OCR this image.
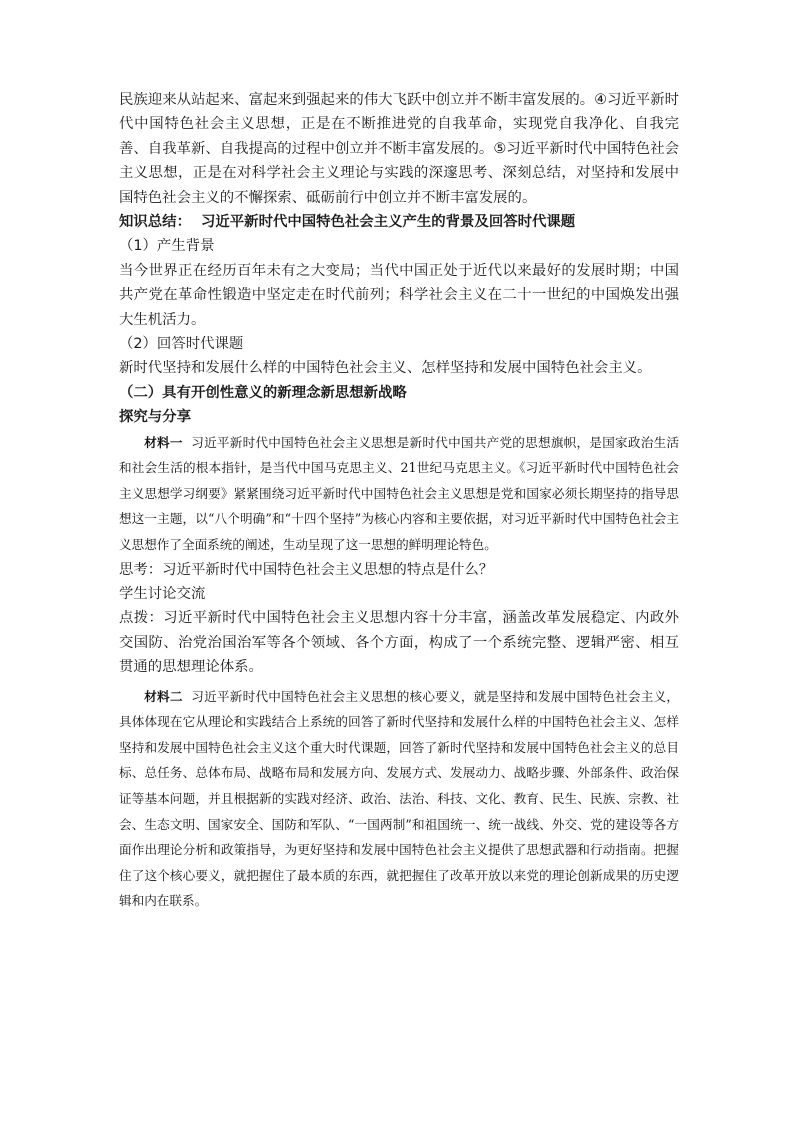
民族迎来从站起来、富起来到强起来的伟大飞跃中创立并不断丰富发展的。④习近平新时代中国特色社会主义思想，正是在不断推进党的自我革命，实现党自我净化、自我完善、自我革新、自我提高的过程中创立并不断丰富发展的。⑤习近平新时代中国特色社会主义思想，正是在对科学社会主义理论与实践的深邃思考、深刻总结，对坚持和发展中国特色社会主义的不懈探索、砥砺前行中创立并不断丰富发展的。

知识总结： 习近平新时代中国特色社会主义产生的背景及回答时代课题

（1）产生背景

当今世界正在经历百年未有之大变局；当代中国正处于近代以来最好的发展时期；中国共产党在革命性锻造中坚定走在时代前列；科学社会主义在二十一世纪的中国焕发出强大生机活力。

（2）回答时代课题

新时代坚持和发展什么样的中国特色社会主义、怎样坚持和发展中国特色社会主义。

（二）具有开创性意义的新理念新思想新战略

探究与分享

材料一 习近平新时代中国特色社会主义思想是新时代中国共产党的思想旗帜，是国家政治生活和社会生活的根本指针，是当代中国马克思主义、21世纪马克思主义。《习近平新时代中国特色社会主义思想学习纲要》紧紧围绕习近平新时代中国特色社会主义思想是党和国家必须长期坚持的指导思想这一主题，以“八个明确”和“十四个坚持”为核心内容和主要依据，对习近平新时代中国特色社会主义思想作了全面系统的阐述，生动呈现了这一思想的鲜明理论特色。

思考：习近平新时代中国特色社会主义思想的特点是什么？

学生讨论交流

点拨：习近平新时代中国特色社会主义思想内容十分丰富，涵盖改革发展稳定、内政外交国防、治党治国治军等各个领域、各个方面，构成了一个系统完整、逻辑严密、相互贯通的思想理论体系。

材料二 习近平新时代中国特色社会主义思想的核心要义，就是坚持和发展中国特色社会主义，具体体现在它从理论和实践结合上系统的回答了新时代坚持和发展什么样的中国特色社会主义、怎样坚持和发展中国特色社会主义这个重大时代课题，回答了新时代坚持和发展中国特色社会主义的总目标、总任务、总体布局、战略布局和发展方向、发展方式、发展动力、战略步骤、外部条件、政治保证等基本问题，并且根据新的实践对经济、政治、法治、科技、文化、教育、民生、民族、宗教、社会、生态文明、国家安全、国防和军队、“一国两制”和祖国统一、统一战线、外交、党的建设等各方面作出理论分析和政策指导，为更好坚持和发展中国特色社会主义提供了思想武器和行动指南。把握住了这个核心要义，就把握住了最本质的东西，就把握住了改革开放以来党的理论创新成果的历史逻辑和内在联系。
